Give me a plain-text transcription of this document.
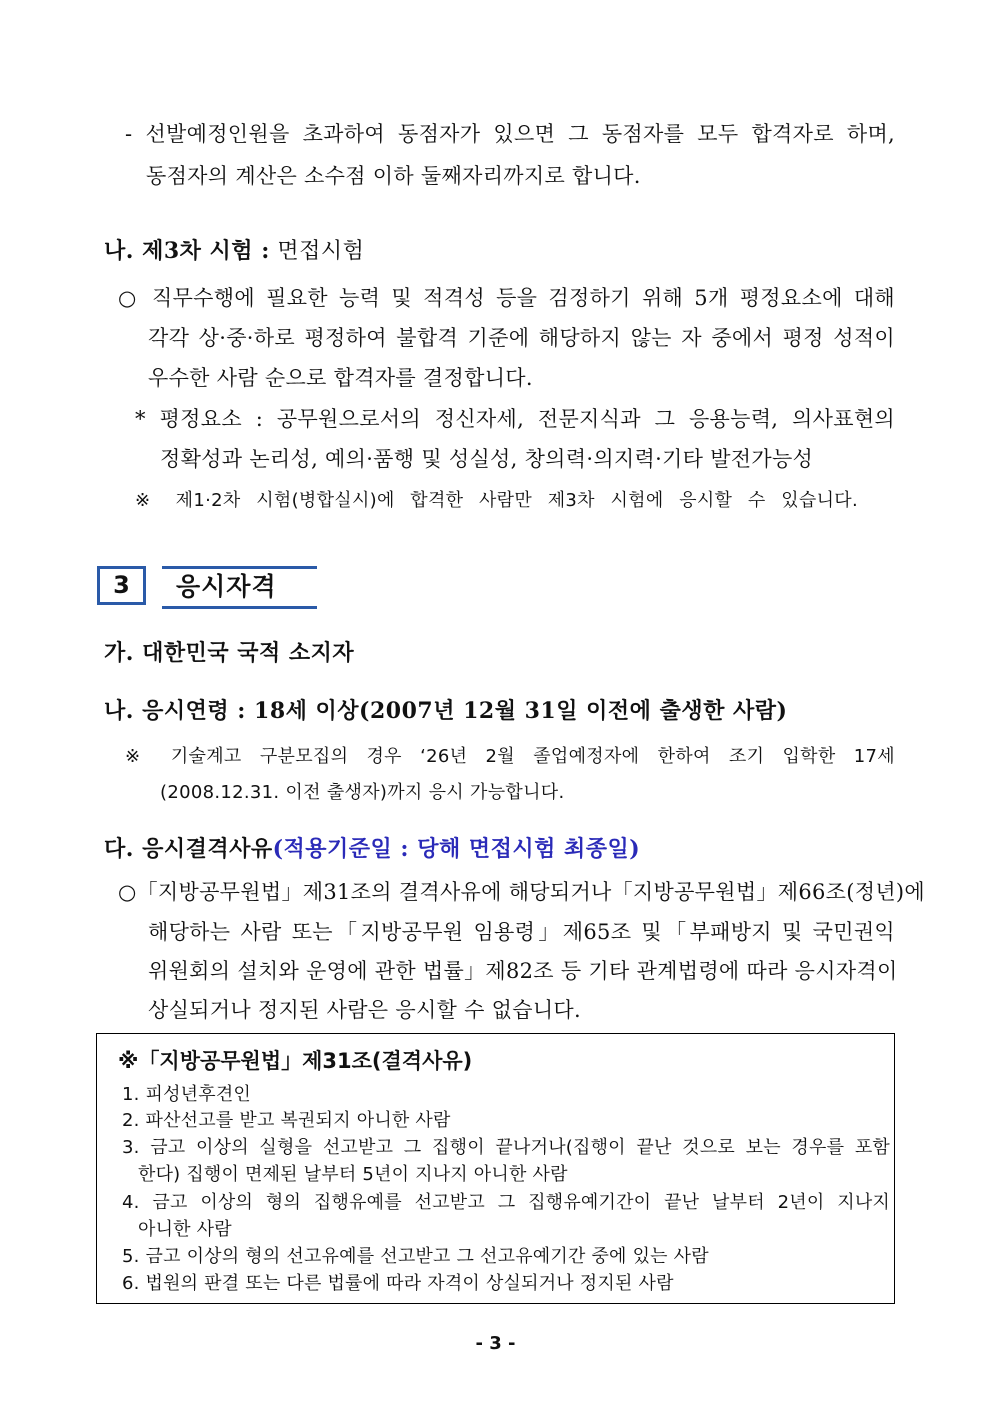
- 선발예정인원을 초과하여 동점자가 있으면 그 동점자를 모두 합격자로 하며,
동점자의 계산은 소수점 이하 둘째자리까지로 합니다.
나. 제3차 시험 : 면접시험
○ 직무수행에 필요한 능력 및 적격성 등을 검정하기 위해 5개 평정요소에 대해
각각 상·중·하로 평정하여 불합격 기준에 해당하지 않는 자 중에서 평정 성적이
우수한 사람 순으로 합격자를 결정합니다.
* 평정요소 : 공무원으로서의 정신자세, 전문지식과 그 응용능력, 의사표현의
정확성과 논리성, 예의·품행 및 성실성, 창의력·의지력·기타 발전가능성
※ 제1·2차 시험(병합실시)에 합격한 사람만 제3차 시험에 응시할 수 있습니다.
3	응시자격
가. 대한민국 국적 소지자
나. 응시연령 : 18세 이상(2007년 12월 31일 이전에 출생한 사람)
※ 기술계고 구분모집의 경우 ‘26년 2월 졸업예정자에 한하여 조기 입학한 17세
(2008.12.31. 이전 출생자)까지 응시 가능합니다.
다. 응시결격사유(적용기준일 : 당해 면접시험 최종일)
○「지방공무원법」제31조의 결격사유에 해당되거나「지방공무원법」제66조(정년)에
해당하는 사람 또는「지방공무원 임용령」제65조 및「부패방지 및 국민권익
위원회의 설치와 운영에 관한 법률」제82조 등 기타 관계법령에 따라 응시자격이
상실되거나 정지된 사람은 응시할 수 없습니다.
※「지방공무원법」제31조(결격사유)
1. 피성년후견인
2. 파산선고를 받고 복권되지 아니한 사람
3. 금고 이상의 실형을 선고받고 그 집행이 끝나거나(집행이 끝난 것으로 보는 경우를 포함
한다) 집행이 면제된 날부터 5년이 지나지 아니한 사람
4. 금고 이상의 형의 집행유예를 선고받고 그 집행유예기간이 끝난 날부터 2년이 지나지
아니한 사람
5. 금고 이상의 형의 선고유예를 선고받고 그 선고유예기간 중에 있는 사람
6. 법원의 판결 또는 다른 법률에 따라 자격이 상실되거나 정지된 사람
- 3 -
